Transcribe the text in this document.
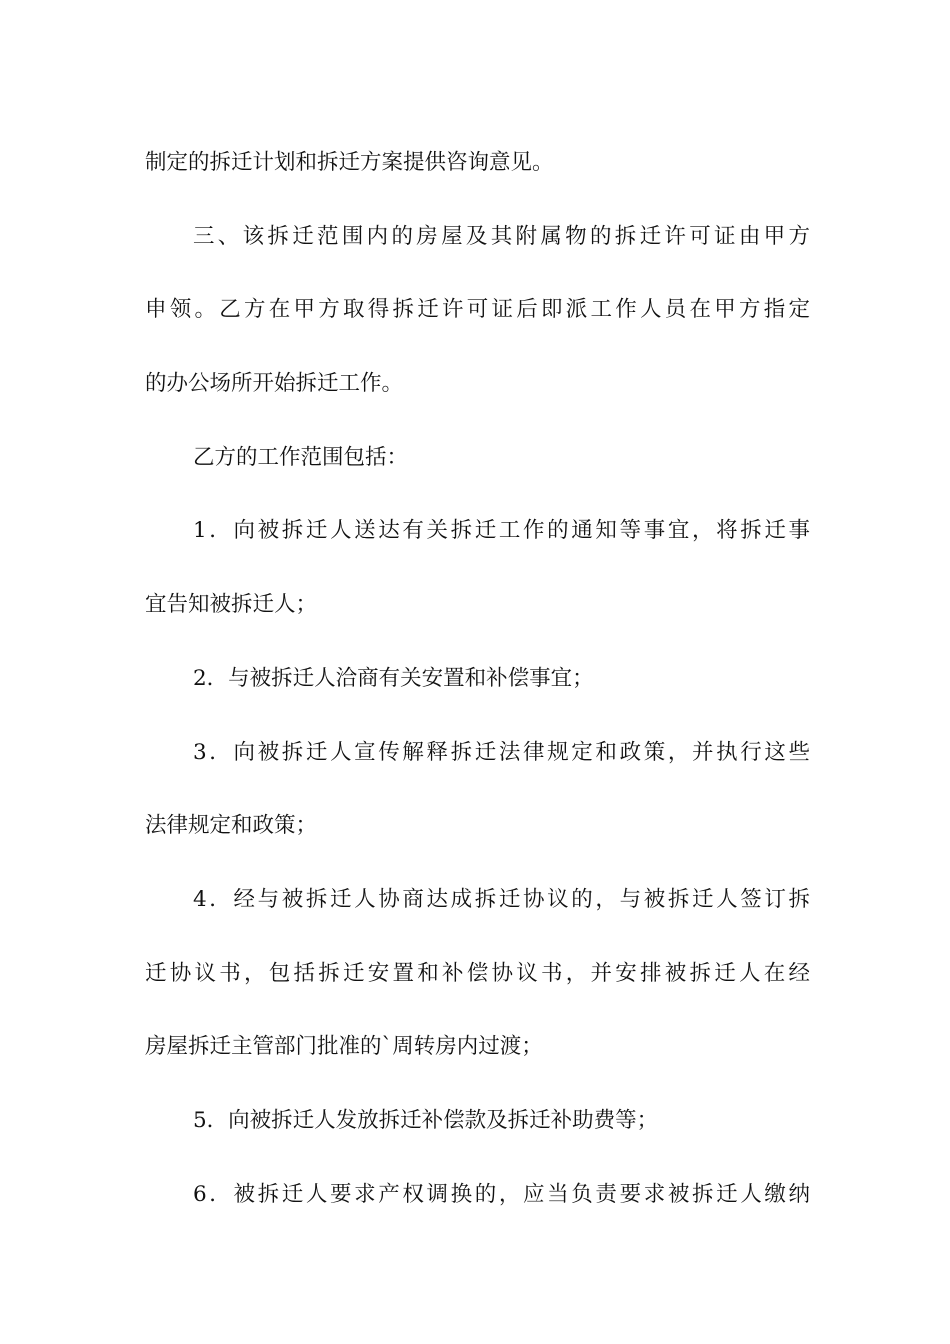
制定的拆迁计划和拆迁方案提供咨询意见。
三、该拆迁范围内的房屋及其附属物的拆迁许可证由甲方
申领。乙方在甲方取得拆迁许可证后即派工作人员在甲方指定
的办公场所开始拆迁工作。
乙方的工作范围包括：
1．向被拆迁人送达有关拆迁工作的通知等事宜，将拆迁事
宜告知被拆迁人；
2．与被拆迁人洽商有关安置和补偿事宜；
3．向被拆迁人宣传解释拆迁法律规定和政策，并执行这些
法律规定和政策；
4．经与被拆迁人协商达成拆迁协议的，与被拆迁人签订拆
迁协议书，包括拆迁安置和补偿协议书，并安排被拆迁人在经
房屋拆迁主管部门批准的`周转房内过渡；
5．向被拆迁人发放拆迁补偿款及拆迁补助费等；
6．被拆迁人要求产权调换的，应当负责要求被拆迁人缴纳
